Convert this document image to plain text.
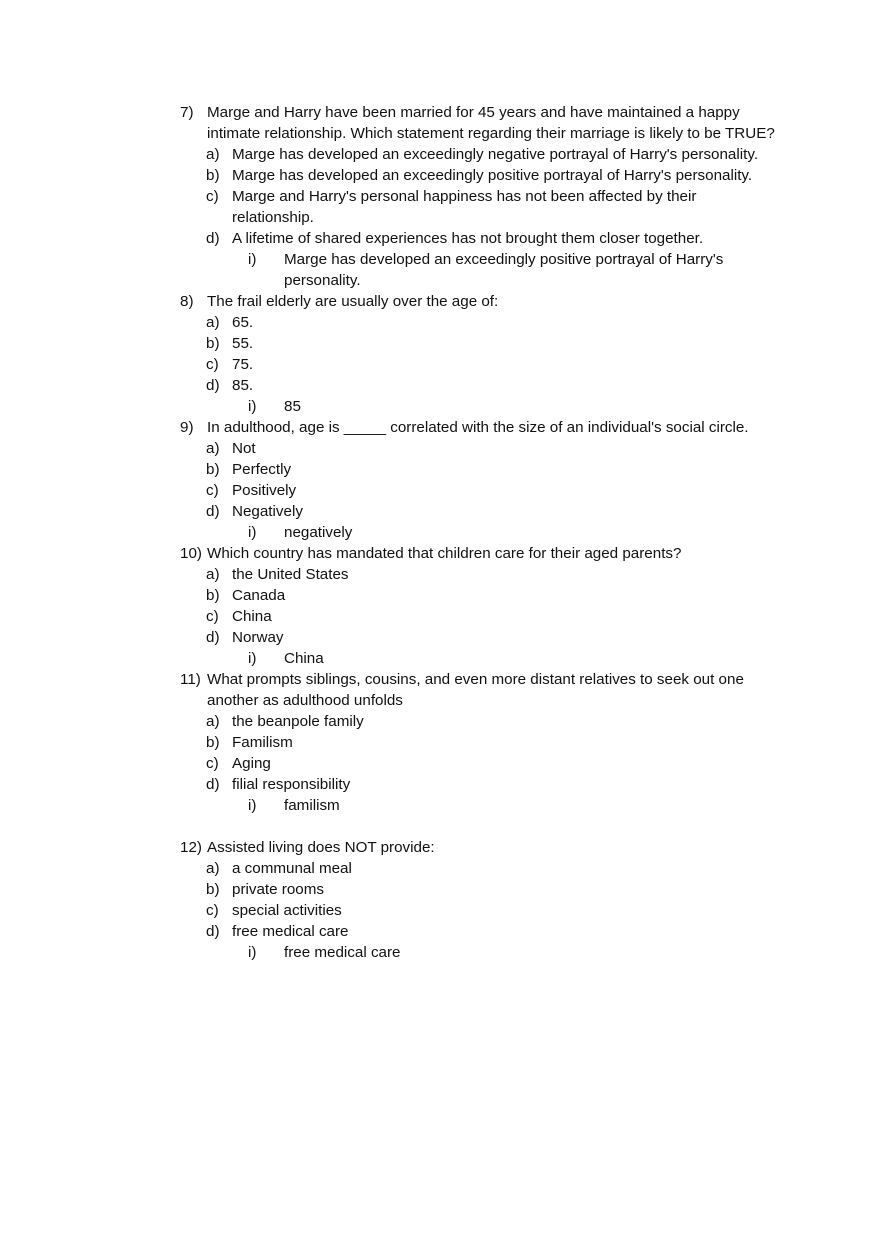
7) Marge and Harry have been married for 45 years and have maintained a happy intimate relationship. Which statement regarding their marriage is likely to be TRUE?
a) Marge has developed an exceedingly negative portrayal of Harry's personality.
b) Marge has developed an exceedingly positive portrayal of Harry's personality.
c) Marge and Harry's personal happiness has not been affected by their relationship.
d) A lifetime of shared experiences has not brought them closer together.
i) Marge has developed an exceedingly positive portrayal of Harry's personality.
8) The frail elderly are usually over the age of:
a) 65.
b) 55.
c) 75.
d) 85.
i) 85
9) In adulthood, age is _____ correlated with the size of an individual's social circle.
a) Not
b) Perfectly
c) Positively
d) Negatively
i) negatively
10) Which country has mandated that children care for their aged parents?
a) the United States
b) Canada
c) China
d) Norway
i) China
11) What prompts siblings, cousins, and even more distant relatives to seek out one another as adulthood unfolds
a) the beanpole family
b) Familism
c) Aging
d) filial responsibility
i) familism
12) Assisted living does NOT provide:
a) a communal meal
b) private rooms
c) special activities
d) free medical care
i) free medical care
